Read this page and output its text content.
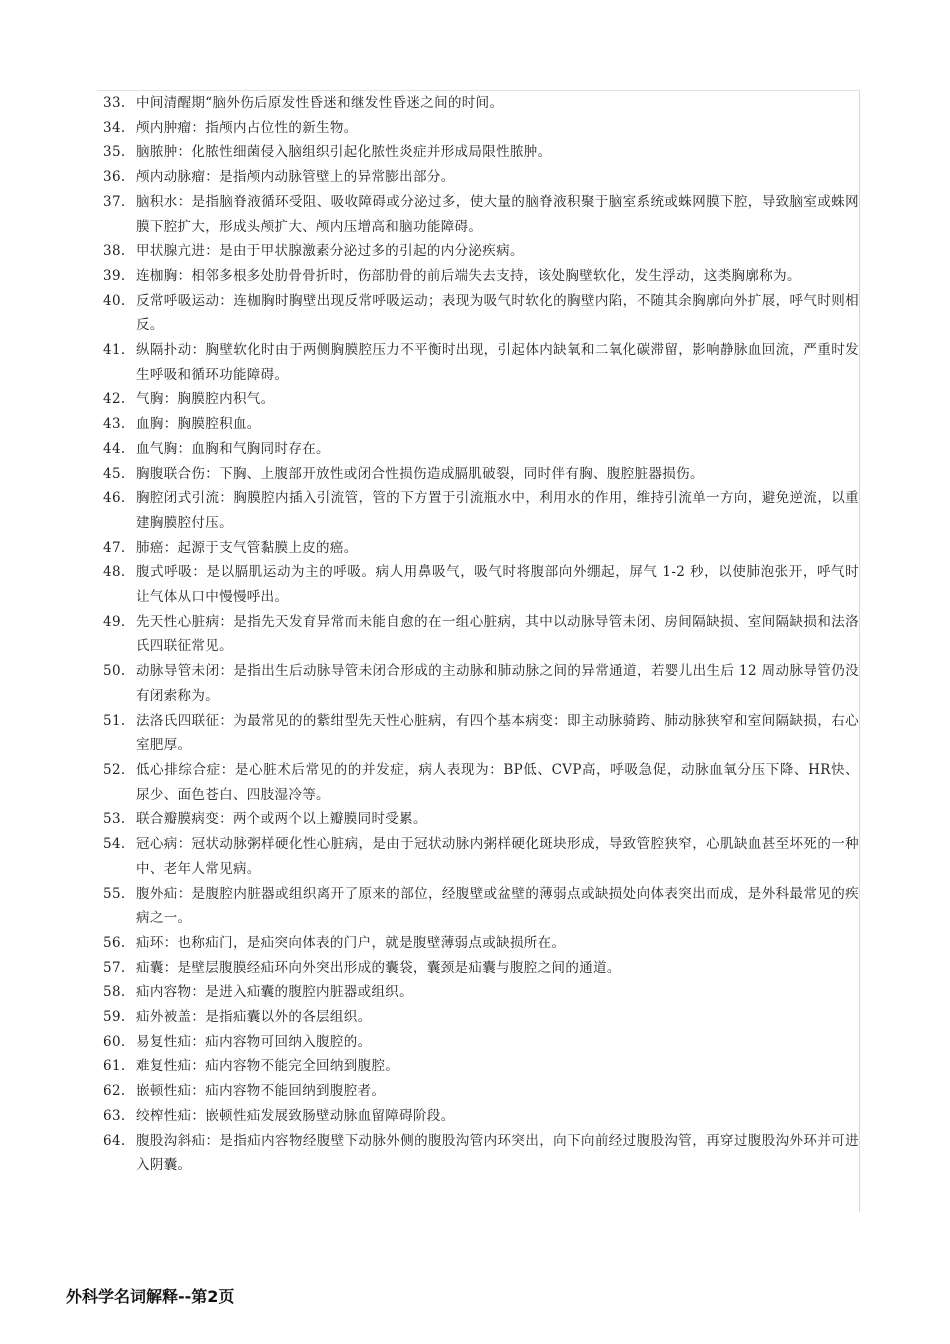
33. 中间清醒期“脑外伤后原发性昏迷和继发性昏迷之间的时间。
34. 颅内肿瘤：指颅内占位性的新生物。
35. 脑脓肿：化脓性细菌侵入脑组织引起化脓性炎症并形成局限性脓肿。
36. 颅内动脉瘤：是指颅内动脉管壁上的异常膨出部分。
37. 脑积水：是指脑脊液循环受阻、吸收障碍或分泌过多，使大量的脑脊液积聚于脑室系统或蛛网膜下腔，导致脑室或蛛网膜下腔扩大，形成头颅扩大、颅内压增高和脑功能障碍。
38. 甲状腺亢进：是由于甲状腺激素分泌过多的引起的内分泌疾病。
39. 连枷胸：相邻多根多处肋骨骨折时，伤部肋骨的前后端失去支持，该处胸壁软化，发生浮动，这类胸廓称为。
40. 反常呼吸运动：连枷胸时胸壁出现反常呼吸运动；表现为吸气时软化的胸壁内陷，不随其余胸廓向外扩展，呼气时则相反。
41. 纵隔扑动：胸壁软化时由于两侧胸膜腔压力不平衡时出现，引起体内缺氧和二氧化碳滞留，影响静脉血回流，严重时发生呼吸和循环功能障碍。
42. 气胸：胸膜腔内积气。
43. 血胸：胸膜腔积血。
44. 血气胸：血胸和气胸同时存在。
45. 胸腹联合伤：下胸、上腹部开放性或闭合性损伤造成膈肌破裂，同时伴有胸、腹腔脏器损伤。
46. 胸腔闭式引流：胸膜腔内插入引流管，管的下方置于引流瓶水中，利用水的作用，维持引流单一方向，避免逆流，以重建胸膜腔付压。
47. 肺癌：起源于支气管黏膜上皮的癌。
48. 腹式呼吸：是以膈肌运动为主的呼吸。病人用鼻吸气，吸气时将腹部向外绷起，屏气 1-2 秒，以使肺泡张开，呼气时让气体从口中慢慢呼出。
49. 先天性心脏病：是指先天发育异常而未能自愈的在一组心脏病，其中以动脉导管未闭、房间隔缺损、室间隔缺损和法洛氏四联征常见。
50. 动脉导管未闭：是指出生后动脉导管未闭合形成的主动脉和肺动脉之间的异常通道，若婴儿出生后 12 周动脉导管仍没有闭索称为。
51. 法洛氏四联征：为最常见的的紫绀型先天性心脏病，有四个基本病变：即主动脉骑跨、肺动脉狭窄和室间隔缺损，右心室肥厚。
52. 低心排综合症：是心脏术后常见的的并发症，病人表现为：BP低、CVP高，呼吸急促，动脉血氧分压下降、HR快、尿少、面色苍白、四肢湿冷等。
53. 联合瓣膜病变：两个或两个以上瓣膜同时受累。
54. 冠心病：冠状动脉粥样硬化性心脏病，是由于冠状动脉内粥样硬化斑块形成，导致管腔狭窄，心肌缺血甚至坏死的一种中、老年人常见病。
55. 腹外疝：是腹腔内脏器或组织离开了原来的部位，经腹壁或盆壁的薄弱点或缺损处向体表突出而成，是外科最常见的疾病之一。
56. 疝环：也称疝门，是疝突向体表的门户，就是腹壁薄弱点或缺损所在。
57. 疝囊：是壁层腹膜经疝环向外突出形成的囊袋，囊颈是疝囊与腹腔之间的通道。
58. 疝内容物：是进入疝囊的腹腔内脏器或组织。
59. 疝外被盖：是指疝囊以外的各层组织。
60. 易复性疝：疝内容物可回纳入腹腔的。
61. 难复性疝：疝内容物不能完全回纳到腹腔。
62. 嵌顿性疝：疝内容物不能回纳到腹腔者。
63. 绞榨性疝：嵌顿性疝发展致肠壁动脉血留障碍阶段。
64. 腹股沟斜疝：是指疝内容物经腹壁下动脉外侧的腹股沟管内环突出，向下向前经过腹股沟管，再穿过腹股沟外环并可进入阴囊。
外科学名词解释--第2页
